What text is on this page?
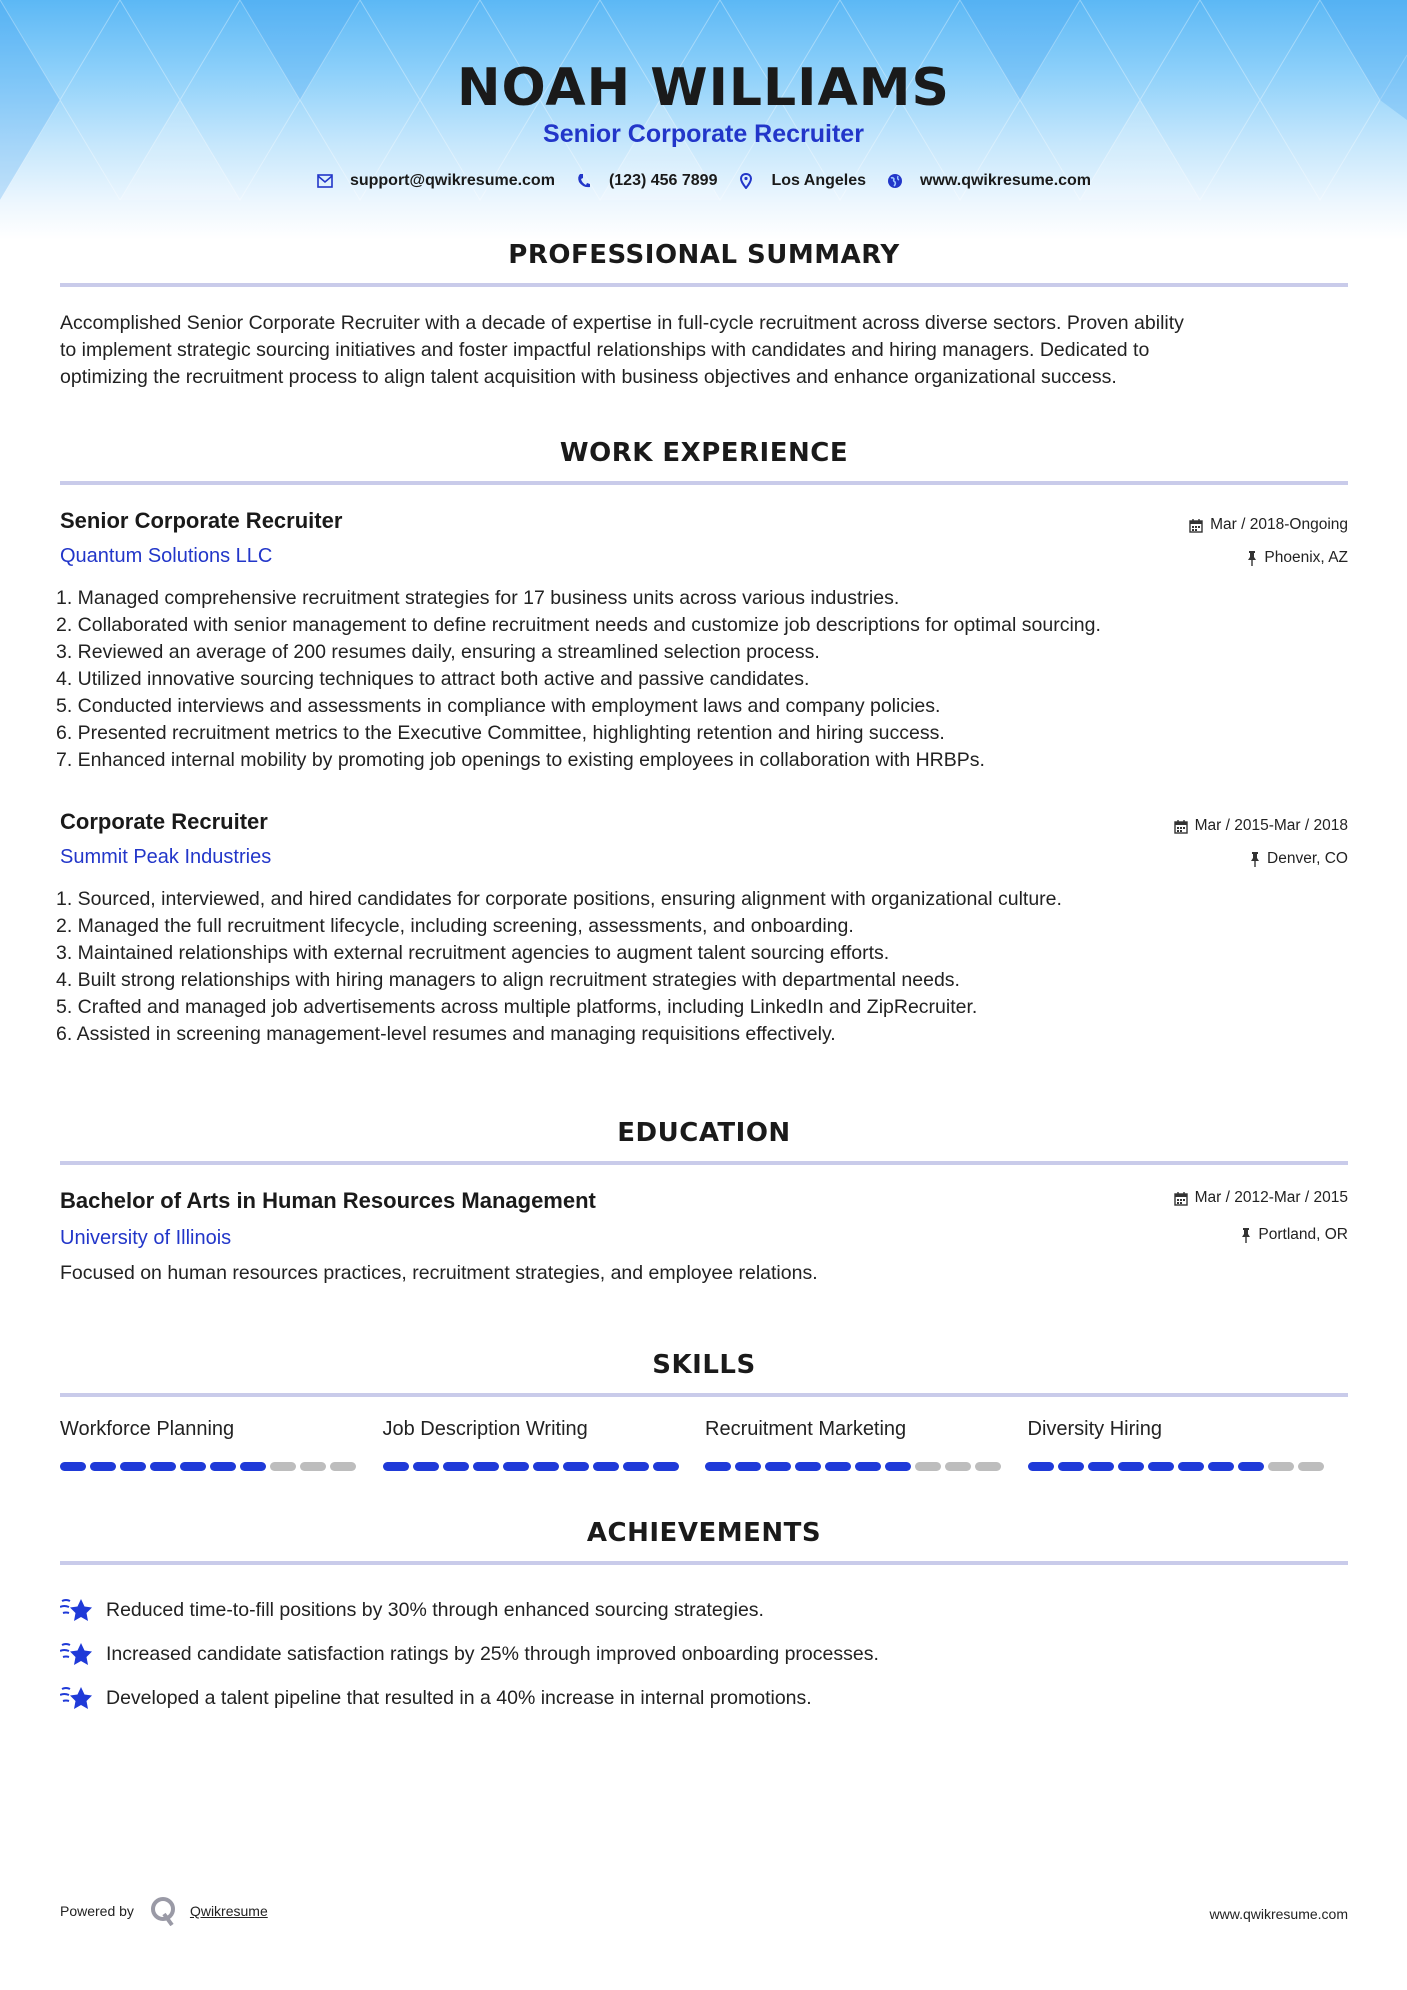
NOAH WILLIAMS
Senior Corporate Recruiter
support@qwikresume.com	(123) 456 7899	Los Angeles	www.qwikresume.com
PROFESSIONAL SUMMARY
Accomplished Senior Corporate Recruiter with a decade of expertise in full-cycle recruitment across diverse sectors. Proven ability
to implement strategic sourcing initiatives and foster impactful relationships with candidates and hiring managers. Dedicated to
optimizing the recruitment process to align talent acquisition with business objectives and enhance organizational success.
WORK EXPERIENCE
Senior Corporate Recruiter
Quantum Solutions LLC
Mar / 2018-Ongoing
Phoenix, AZ
1. Managed comprehensive recruitment strategies for 17 business units across various industries.
2. Collaborated with senior management to define recruitment needs and customize job descriptions for optimal sourcing.
3. Reviewed an average of 200 resumes daily, ensuring a streamlined selection process.
4. Utilized innovative sourcing techniques to attract both active and passive candidates.
5. Conducted interviews and assessments in compliance with employment laws and company policies.
6. Presented recruitment metrics to the Executive Committee, highlighting retention and hiring success.
7. Enhanced internal mobility by promoting job openings to existing employees in collaboration with HRBPs.
Corporate Recruiter
Summit Peak Industries
Mar / 2015-Mar / 2018
Denver, CO
1. Sourced, interviewed, and hired candidates for corporate positions, ensuring alignment with organizational culture.
2. Managed the full recruitment lifecycle, including screening, assessments, and onboarding.
3. Maintained relationships with external recruitment agencies to augment talent sourcing efforts.
4. Built strong relationships with hiring managers to align recruitment strategies with departmental needs.
5. Crafted and managed job advertisements across multiple platforms, including LinkedIn and ZipRecruiter.
6. Assisted in screening management-level resumes and managing requisitions effectively.
EDUCATION
Bachelor of Arts in Human Resources Management
University of Illinois
Mar / 2012-Mar / 2015
Portland, OR
Focused on human resources practices, recruitment strategies, and employee relations.
SKILLS
Workforce Planning	Job Description Writing	Recruitment Marketing	Diversity Hiring
ACHIEVEMENTS
Reduced time-to-fill positions by 30% through enhanced sourcing strategies.
Increased candidate satisfaction ratings by 25% through improved onboarding processes.
Developed a talent pipeline that resulted in a 40% increase in internal promotions.
Powered by	Qwikresume	www.qwikresume.com
